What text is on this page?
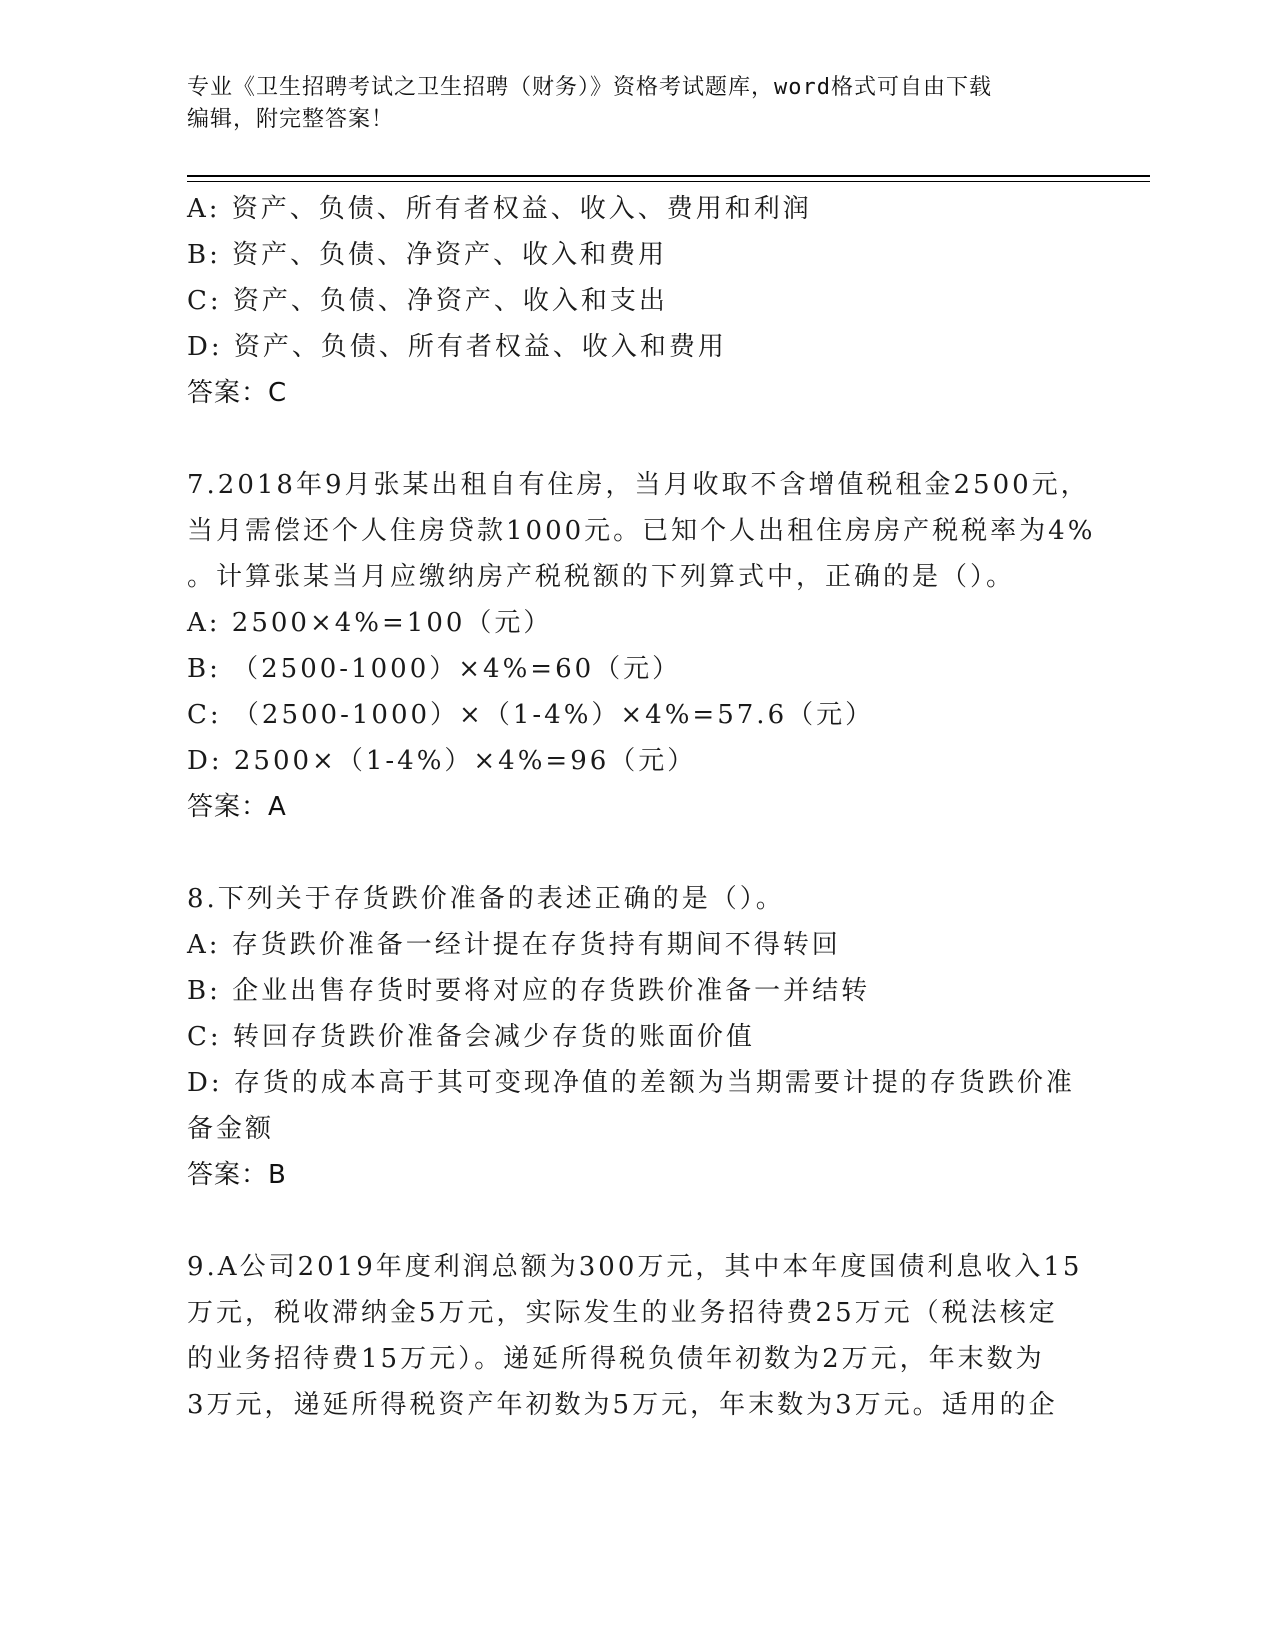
专业《卫生招聘考试之卫生招聘（财务）》资格考试题库，word格式可自由下载
编辑，附完整答案！
A: 资产、负债、所有者权益、收入、费用和利润
B: 资产、负债、净资产、收入和费用
C: 资产、负债、净资产、收入和支出
D: 资产、负债、所有者权益、收入和费用
答案：C
7.2018年9月张某出租自有住房，当月收取不含增值税租金2500元，
当月需偿还个人住房贷款1000元。已知个人出租住房房产税税率为4%
。计算张某当月应缴纳房产税税额的下列算式中，正确的是（）。
A: 2500×4%=100（元）
B: （2500-1000）×4%=60（元）
C: （2500-1000）×（1-4%）×4%=57.6（元）
D: 2500×（1-4%）×4%=96（元）
答案：A
8.下列关于存货跌价准备的表述正确的是（）。
A: 存货跌价准备一经计提在存货持有期间不得转回
B: 企业出售存货时要将对应的存货跌价准备一并结转
C: 转回存货跌价准备会减少存货的账面价值
D: 存货的成本高于其可变现净值的差额为当期需要计提的存货跌价准
备金额
答案：B
9.A公司2019年度利润总额为300万元，其中本年度国债利息收入15
万元，税收滞纳金5万元，实际发生的业务招待费25万元（税法核定
的业务招待费15万元）。递延所得税负债年初数为2万元，年末数为
3万元，递延所得税资产年初数为5万元，年末数为3万元。适用的企
